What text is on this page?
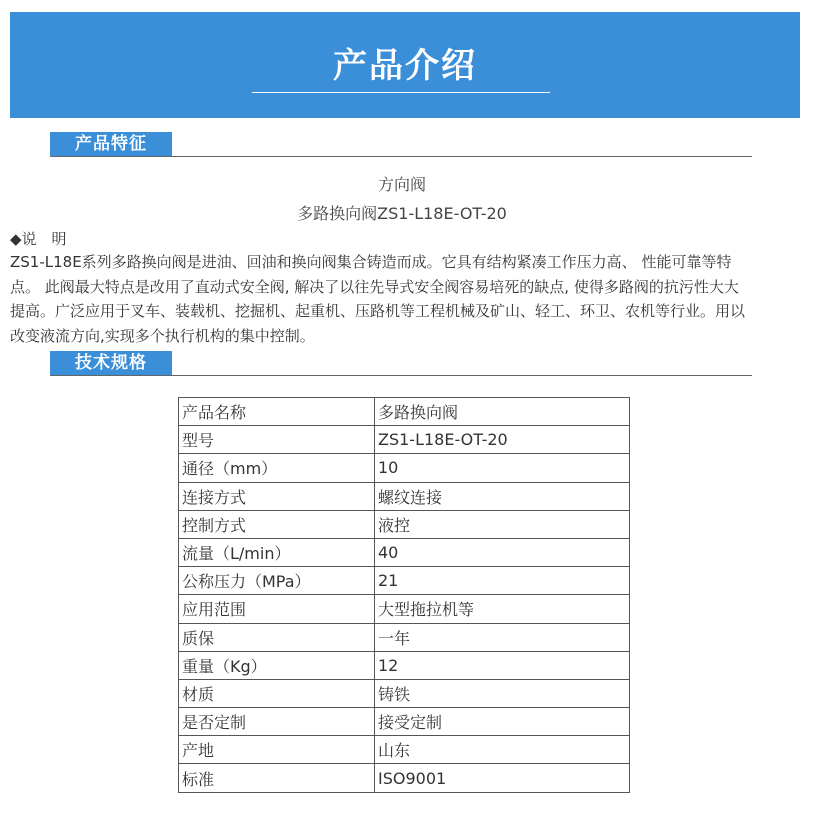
产品介绍
产品特征
方向阀
多路换向阀ZS1-L18E-OT-20
◆说　明
ZS1-L18E系列多路换向阀是进油、回油和换向阀集合铸造而成。它具有结构紧凑工作压力高、 性能可靠等特
点。 此阀最大特点是改用了直动式安全阀, 解决了以往先导式安全阀容易培死的缺点, 使得多路阀的抗污性大大
提高。广泛应用于叉车、装载机、挖掘机、起重机、压路机等工程机械及矿山、轻工、环卫、农机等行业。用以
改变液流方向,实现多个执行机构的集中控制。
技术规格
产品名称	多路换向阀
型号	ZS1-L18E-OT-20
通径（mm）	10
连接方式	螺纹连接
控制方式	液控
流量（L/min）	40
公称压力（MPa）	21
应用范围	大型拖拉机等
质保	一年
重量（Kg）	12
材质	铸铁
是否定制	接受定制
产地	山东
标准	ISO9001
